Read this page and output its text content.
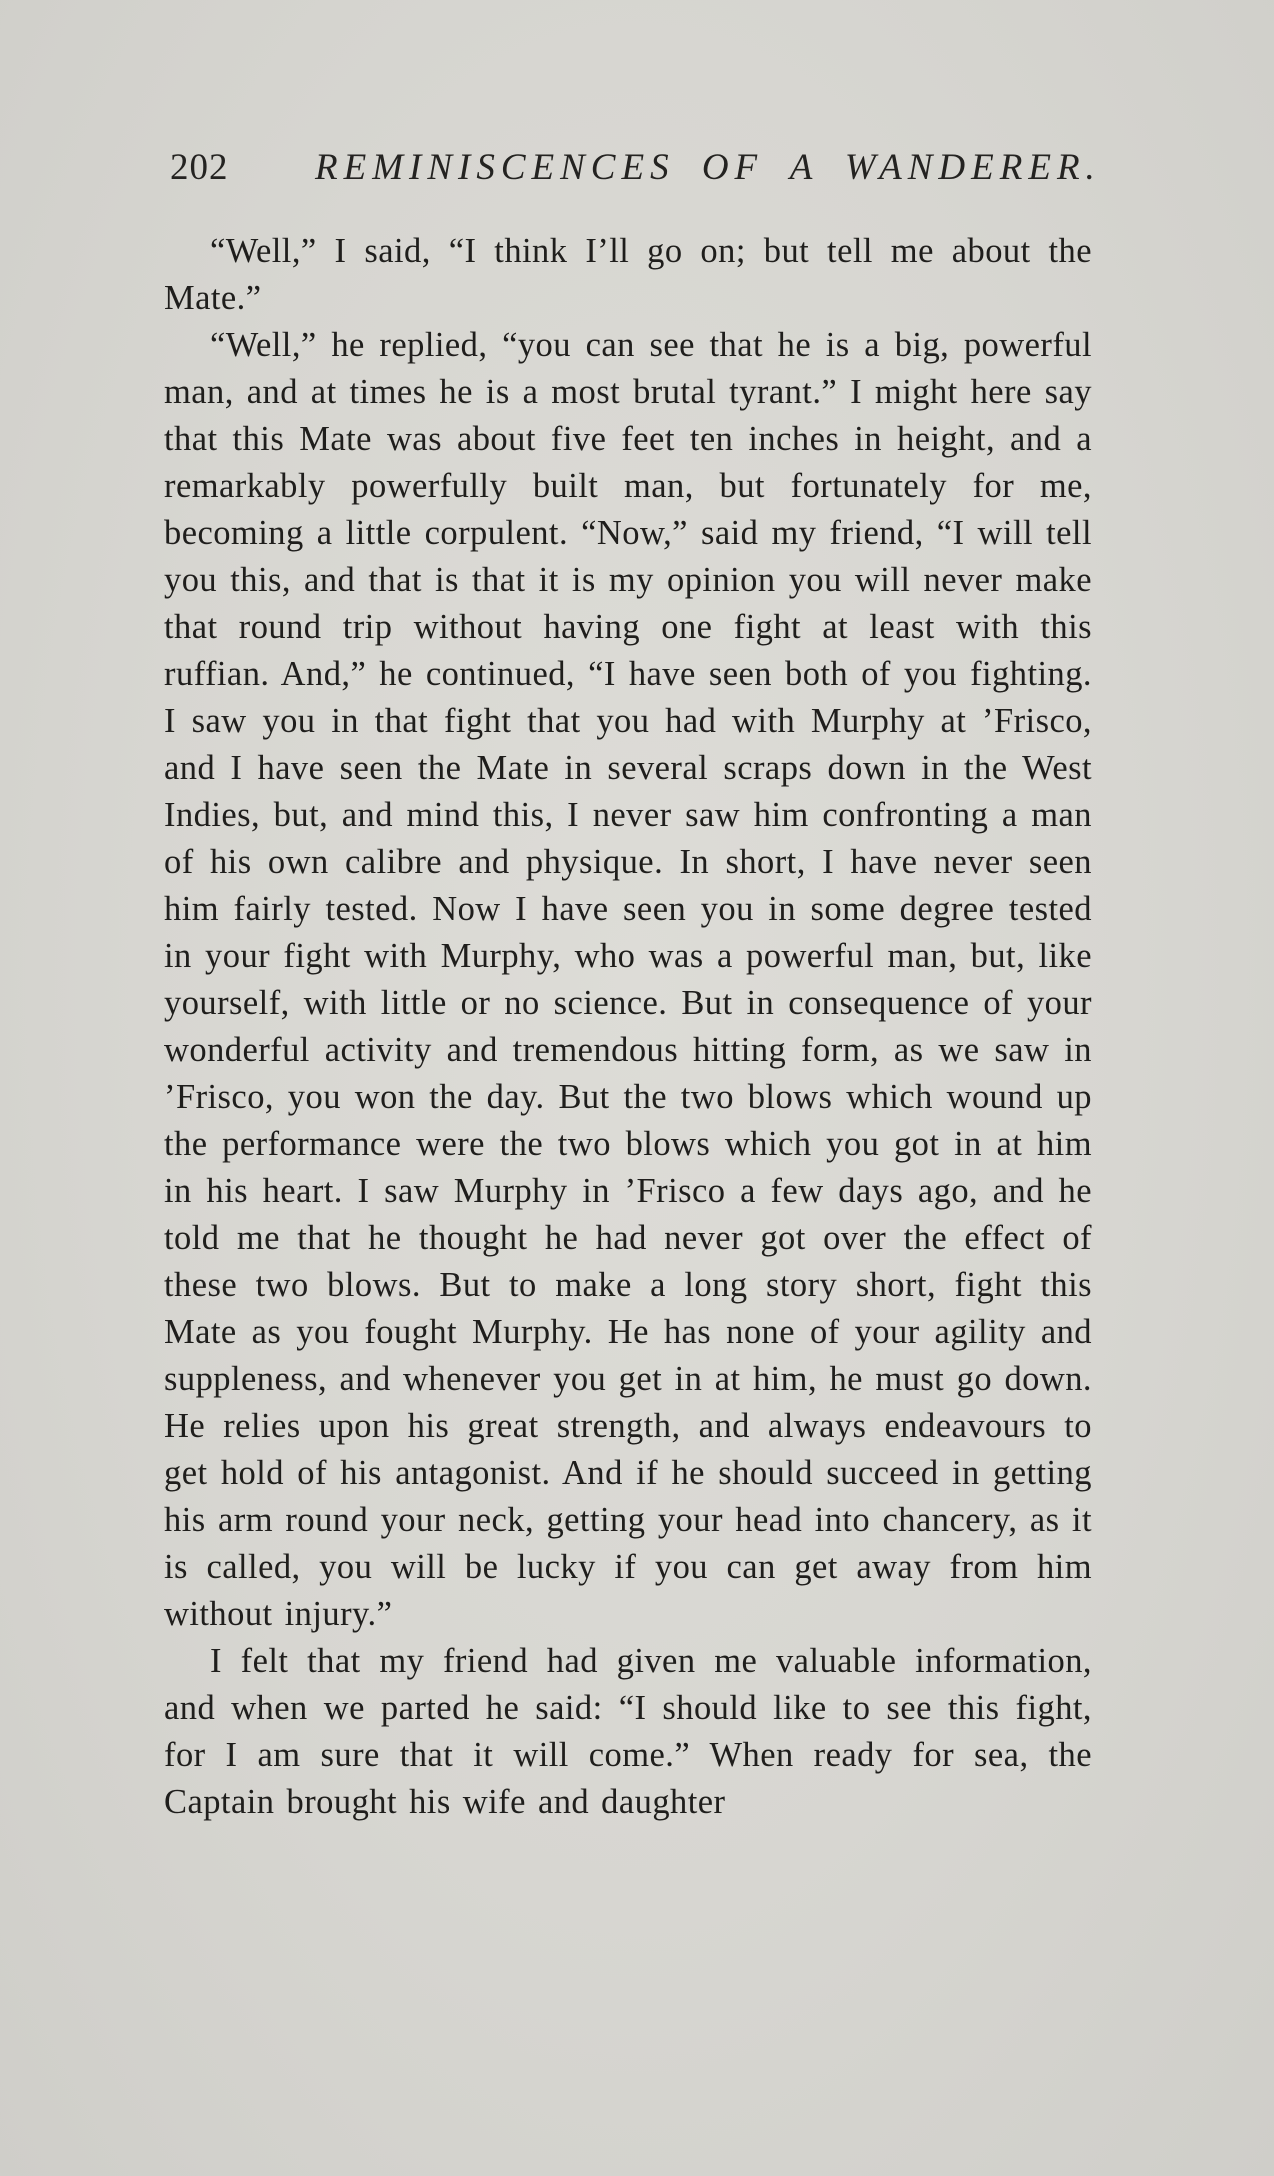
202 REMINISCENCES OF A WANDERER.

“Well,” I said, “I think I’ll go on; but tell me about the Mate.”

“Well,” he replied, “you can see that he is a big, powerful man, and at times he is a most brutal tyrant.” I might here say that this Mate was about five feet ten inches in height, and a remarkably powerfully built man, but fortunately for me, becoming a little corpulent. “Now,” said my friend, “I will tell you this, and that is that it is my opinion you will never make that round trip without having one fight at least with this ruffian. And,” he continued, “I have seen both of you fighting. I saw you in that fight that you had with Murphy at ’Frisco, and I have seen the Mate in several scraps down in the West Indies, but, and mind this, I never saw him confronting a man of his own calibre and physique. In short, I have never seen him fairly tested. Now I have seen you in some degree tested in your fight with Murphy, who was a powerful man, but, like yourself, with little or no science. But in consequence of your wonderful activity and tremendous hitting form, as we saw in ’Frisco, you won the day. But the two blows which wound up the performance were the two blows which you got in at him in his heart. I saw Murphy in ’Frisco a few days ago, and he told me that he thought he had never got over the effect of these two blows. But to make a long story short, fight this Mate as you fought Murphy. He has none of your agility and suppleness, and whenever you get in at him, he must go down. He relies upon his great strength, and always endeavours to get hold of his antagonist. And if he should succeed in getting his arm round your neck, getting your head into chancery, as it is called, you will be lucky if you can get away from him without injury.”

I felt that my friend had given me valuable information, and when we parted he said: “I should like to see this fight, for I am sure that it will come.” When ready for sea, the Captain brought his wife and daughter
